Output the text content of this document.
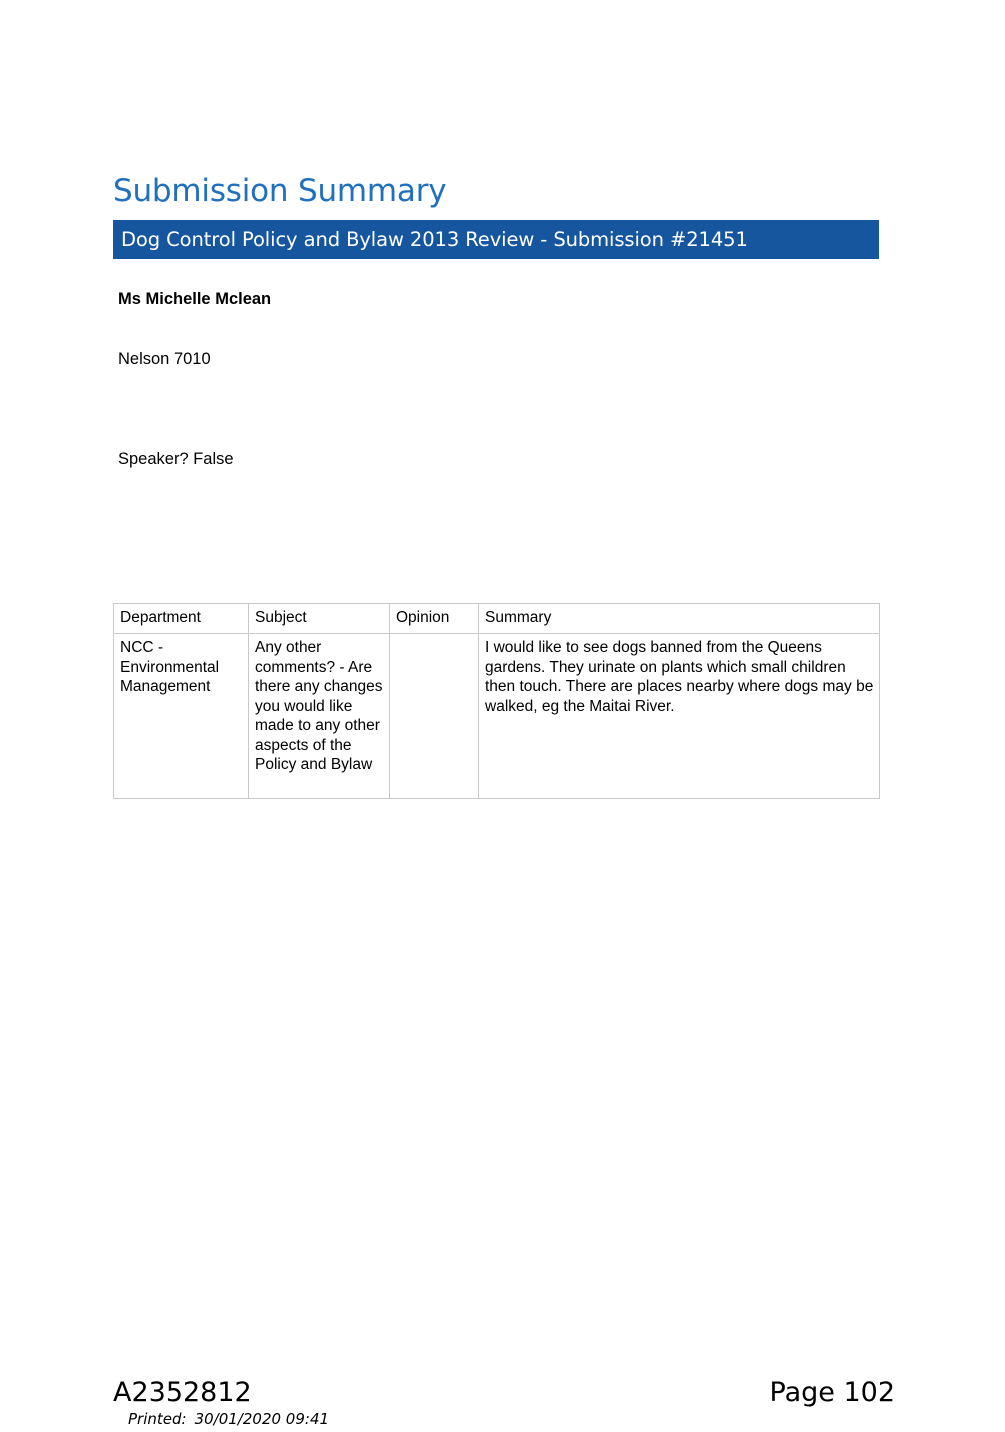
Submission Summary
Dog Control Policy and Bylaw 2013 Review - Submission #21451
Ms Michelle Mclean
Nelson 7010
Speaker? False
Department	Subject	Opinion	Summary
NCC - Environmental Management	Any other comments? - Are there any changes you would like made to any other aspects of the Policy and Bylaw		I would like to see dogs banned from the Queens gardens. They urinate on plants which small children then touch. There are places nearby where dogs may be walked, eg the Maitai River.
A2352812	Page 102
Printed: 30/01/2020 09:41
